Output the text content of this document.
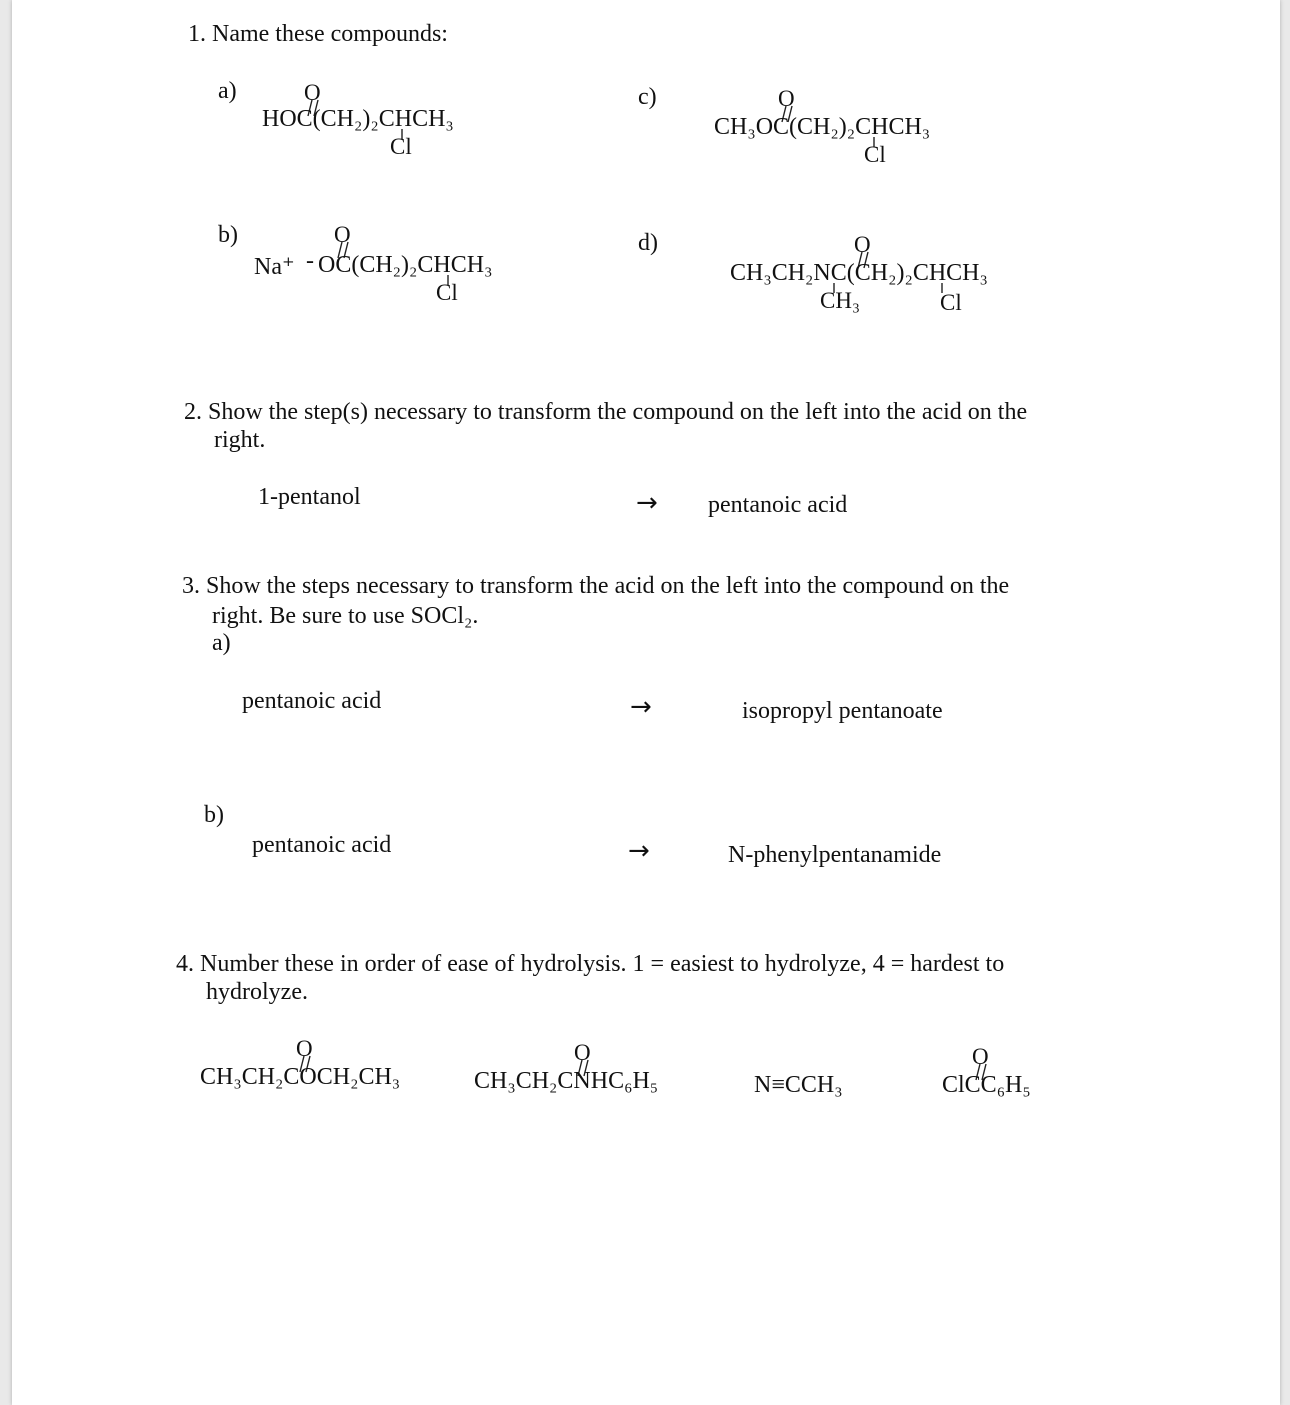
1. Name these compounds:
a)	O
HOC(CH₂)₂CHCH₃
Cl
c)	O
CH₃OC(CH₂)₂CHCH₃
Cl
b)
Na⁺ -
O
OC(CH₂)₂CHCH₃
Cl
d)	O
CH₃CH₂NC(CH₂)₂CHCH₃
CH₃	Cl
2. Show the step(s) necessary to transform the compound on the left into the acid on the
right.
1-pentanol	→ pentanoic acid
3. Show the steps necessary to transform the acid on the left into the compound on the
right. Be sure to use SOCl₂.
a)
pentanoic acid	→	isopropyl pentanoate
b)
pentanoic acid	→	N-phenylpentanamide
4. Number these in order of ease of hydrolysis. 1 = easiest to hydrolyze, 4 = hardest to
hydrolyze.
O
CH₃CH₂COCH₂CH₃
O
CH₃CH₂CNHC₆H₅	N≡CCH₃
O
ClCC₆H₅
